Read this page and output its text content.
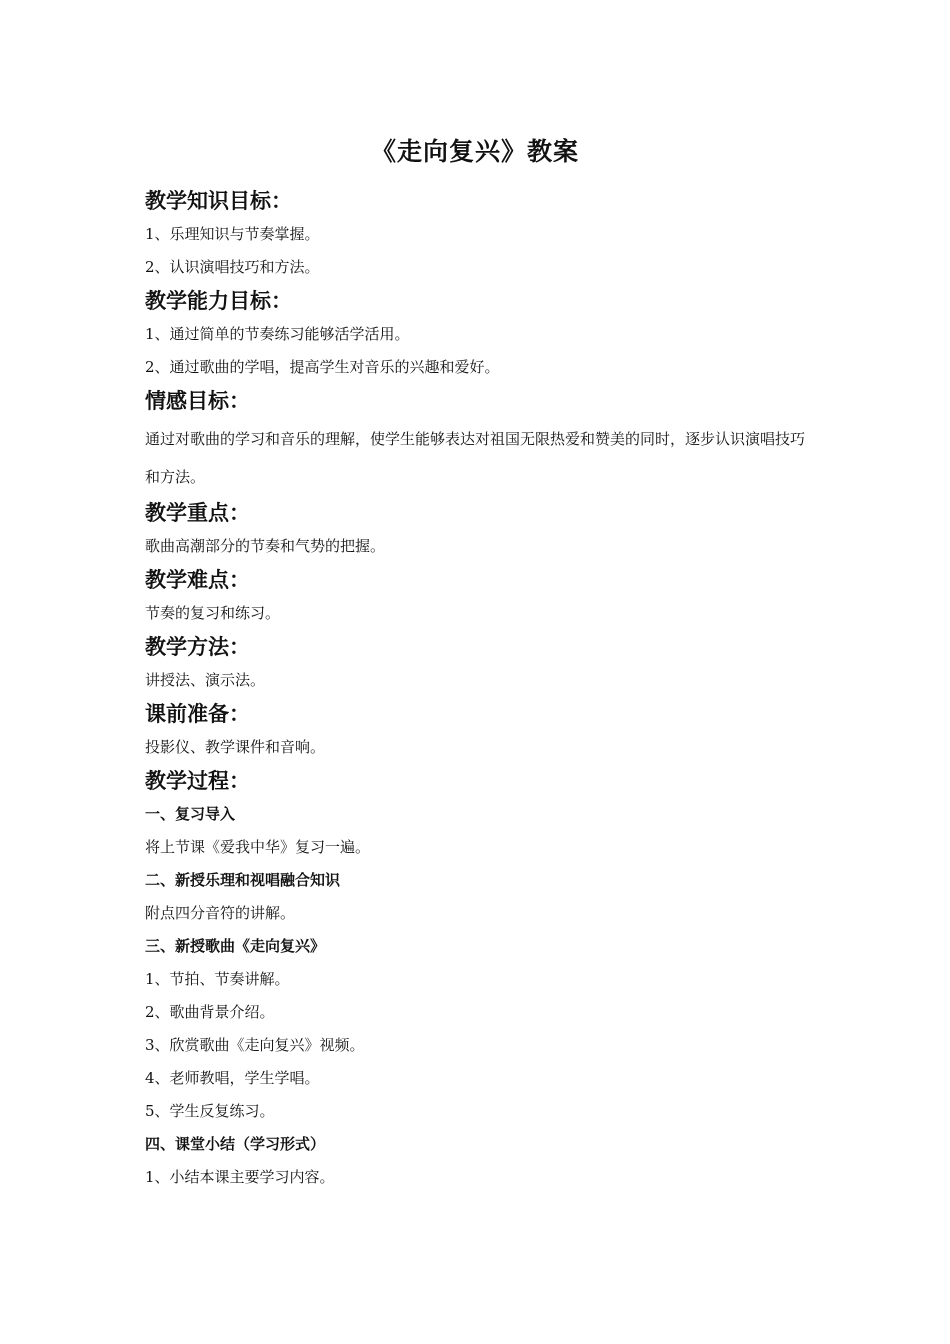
《走向复兴》教案
教学知识目标：
1、乐理知识与节奏掌握。
2、认识演唱技巧和方法。
教学能力目标：
1、通过简单的节奏练习能够活学活用。
2、通过歌曲的学唱，提高学生对音乐的兴趣和爱好。
情感目标：
通过对歌曲的学习和音乐的理解，使学生能够表达对祖国无限热爱和赞美的同时，逐步认识演唱技巧和方法。
教学重点：
歌曲高潮部分的节奏和气势的把握。
教学难点：
节奏的复习和练习。
教学方法：
讲授法、演示法。
课前准备：
投影仪、教学课件和音响。
教学过程：
一、复习导入
将上节课《爱我中华》复习一遍。
二、新授乐理和视唱融合知识
附点四分音符的讲解。
三、新授歌曲《走向复兴》
1、节拍、节奏讲解。
2、歌曲背景介绍。
3、欣赏歌曲《走向复兴》视频。
4、老师教唱，学生学唱。
5、学生反复练习。
四、课堂小结（学习形式）
1、小结本课主要学习内容。
